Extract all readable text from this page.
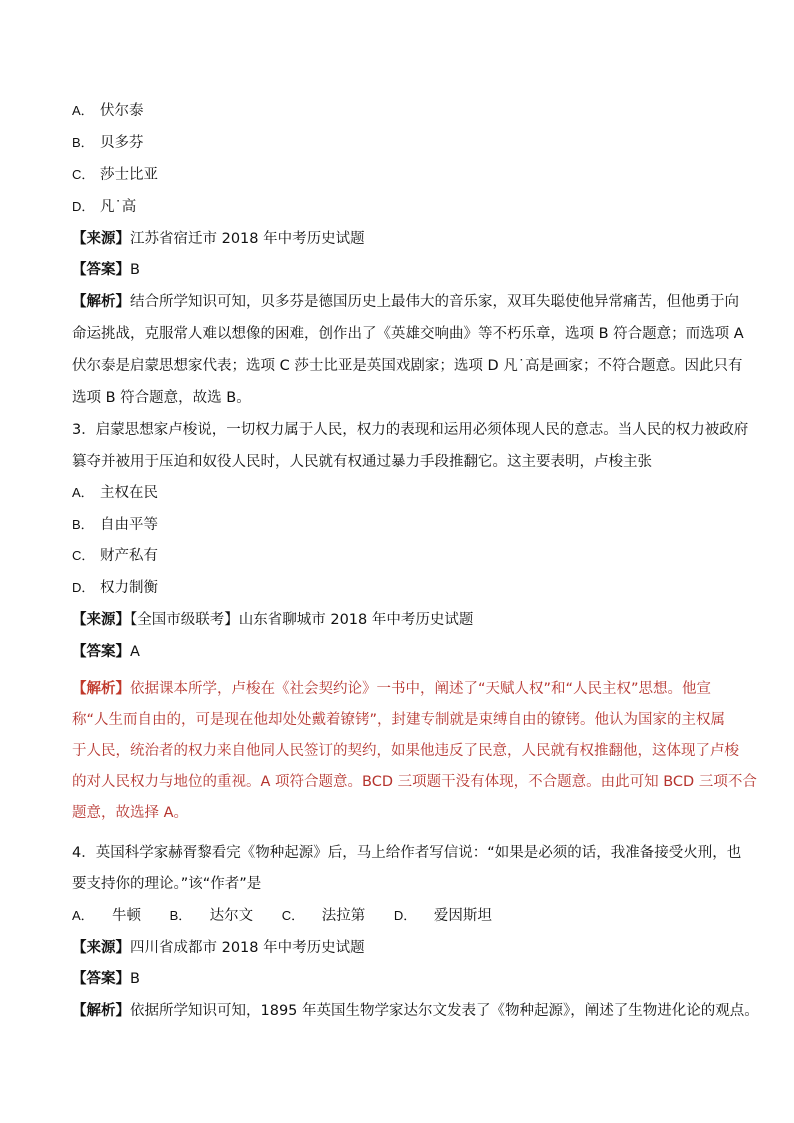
A． 伏尔泰

B． 贝多芬

C． 莎士比亚

D． 凡˙高

【来源】江苏省宿迁市 2018 年中考历史试题

【答案】B

【解析】结合所学知识可知，贝多芬是德国历史上最伟大的音乐家，双耳失聪使他异常痛苦，但他勇于向

命运挑战，克服常人难以想像的困难，创作出了《英雄交响曲》等不朽乐章，选项 B 符合题意；而选项 A

伏尔泰是启蒙思想家代表；选项 C 莎士比亚是英国戏剧家；选项 D 凡˙高是画家；不符合题意。因此只有

选项 B 符合题意，故选 B。

3．启蒙思想家卢梭说，一切权力属于人民，权力的表现和运用必须体现人民的意志。当人民的权力被政府

篡夺并被用于压迫和奴役人民时，人民就有权通过暴力手段推翻它。这主要表明，卢梭主张

A． 主权在民

B． 自由平等

C． 财产私有

D． 权力制衡

【来源】【全国市级联考】山东省聊城市 2018 年中考历史试题

【答案】A

【解析】依据课本所学，卢梭在《社会契约论》一书中，阐述了“天赋人权”和“人民主权”思想。他宣

称“人生而自由的，可是现在他却处处戴着镣铐”，封建专制就是束缚自由的镣铐。他认为国家的主权属

于人民，统治者的权力来自他同人民签订的契约，如果他违反了民意，人民就有权推翻他，这体现了卢梭

的对人民权力与地位的重视。A 项符合题意。BCD 三项题干没有体现，不合题意。由此可知 BCD 三项不合

题意，故选择 A。

4．英国科学家赫胥黎看完《物种起源》后，马上给作者写信说：“如果是必须的话，我准备接受火刑，也

要支持你的理论。”该“作者”是

A． 牛顿 B． 达尔文 C． 法拉第 D． 爱因斯坦

【来源】四川省成都市 2018 年中考历史试题

【答案】B

【解析】依据所学知识可知，1895 年英国生物学家达尔文发表了《物种起源》，阐述了生物进化论的观点。
